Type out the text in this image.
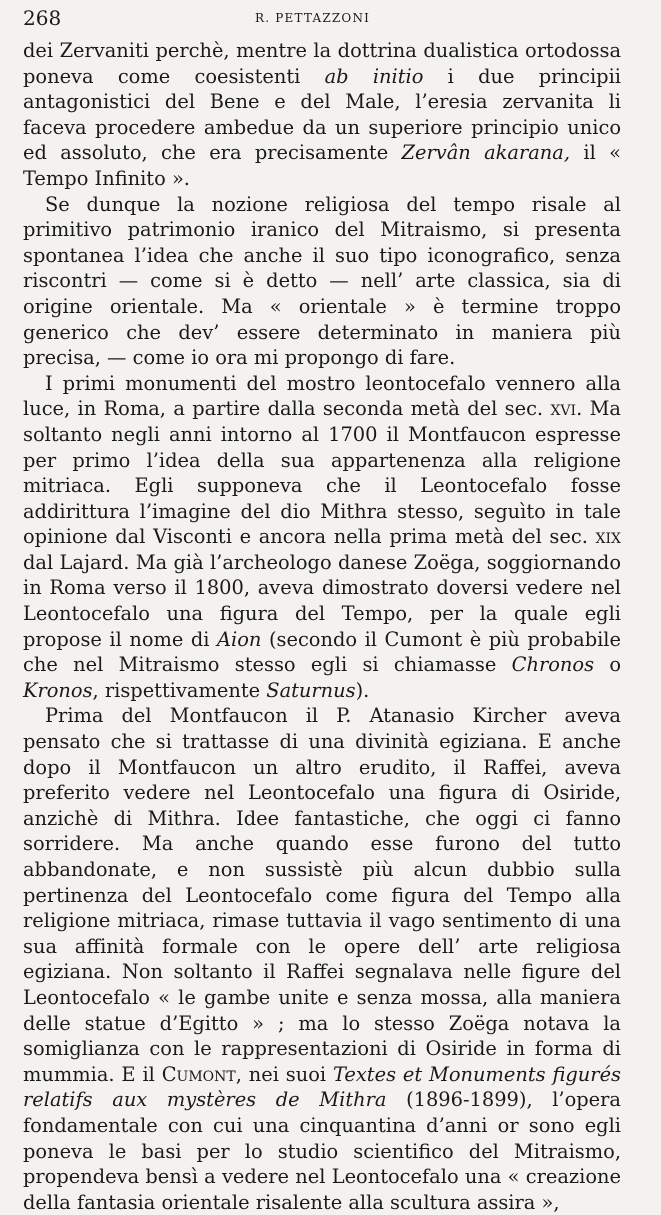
268	R. PETTAZZONI

dei Zervaniti perchè, mentre la dottrina dualistica ortodossa poneva come coesistenti ab initio i due principii antagonistici del Bene e del Male, l’eresia zervanita li faceva procedere ambedue da un superiore principio unico ed assoluto, che era precisamente Zervân akarana, il « Tempo Infinito ».

Se dunque la nozione religiosa del tempo risale al primitivo patrimonio iranico del Mitraismo, si presenta spontanea l’idea che anche il suo tipo iconografico, senza riscontri — come si è detto — nell’ arte classica, sia di origine orientale. Ma « orientale » è termine troppo generico che dev’ essere determinato in maniera più precisa, — come io ora mi propongo di fare.

I primi monumenti del mostro leontocefalo vennero alla luce, in Roma, a partire dalla seconda metà del sec. xvi. Ma soltanto negli anni intorno al 1700 il Montfaucon espresse per primo l’idea della sua appartenenza alla religione mitriaca. Egli supponeva che il Leontocefalo fosse addirittura l’imagine del dio Mithra stesso, seguìto in tale opinione dal Visconti e ancora nella prima metà del sec. xix dal Lajard. Ma già l’archeologo danese Zoëga, soggiornando in Roma verso il 1800, aveva dimostrato doversi vedere nel Leontocefalo una figura del Tempo, per la quale egli propose il nome di Aion (secondo il Cumont è più probabile che nel Mitraismo stesso egli si chiamasse Chronos o Kronos, rispettivamente Saturnus).

Prima del Montfaucon il P. Atanasio Kircher aveva pensato che si trattasse di una divinità egiziana. E anche dopo il Montfaucon un altro erudito, il Raffei, aveva preferito vedere nel Leontocefalo una figura di Osiride, anzichè di Mithra. Idee fantastiche, che oggi ci fanno sorridere. Ma anche quando esse furono del tutto abbandonate, e non sussistè più alcun dubbio sulla pertinenza del Leontocefalo come figura del Tempo alla religione mitriaca, rimase tuttavia il vago sentimento di una sua affinità formale con le opere dell’ arte religiosa egiziana. Non soltanto il Raffei segnalava nelle figure del Leontocefalo « le gambe unite e senza mossa, alla maniera delle statue d’Egitto » ; ma lo stesso Zoëga notava la somiglianza con le rappresentazioni di Osiride in forma di mummia. E il Cumont, nei suoi Textes et Monuments figurés relatifs aux mystères de Mithra (1896-1899), l’opera fondamentale con cui una cinquantina d’anni or sono egli poneva le basi per lo studio scientifico del Mitraismo, propendeva bensì a vedere nel Leontocefalo una « creazione della fantasia orientale risalente alla scultura assira »,
